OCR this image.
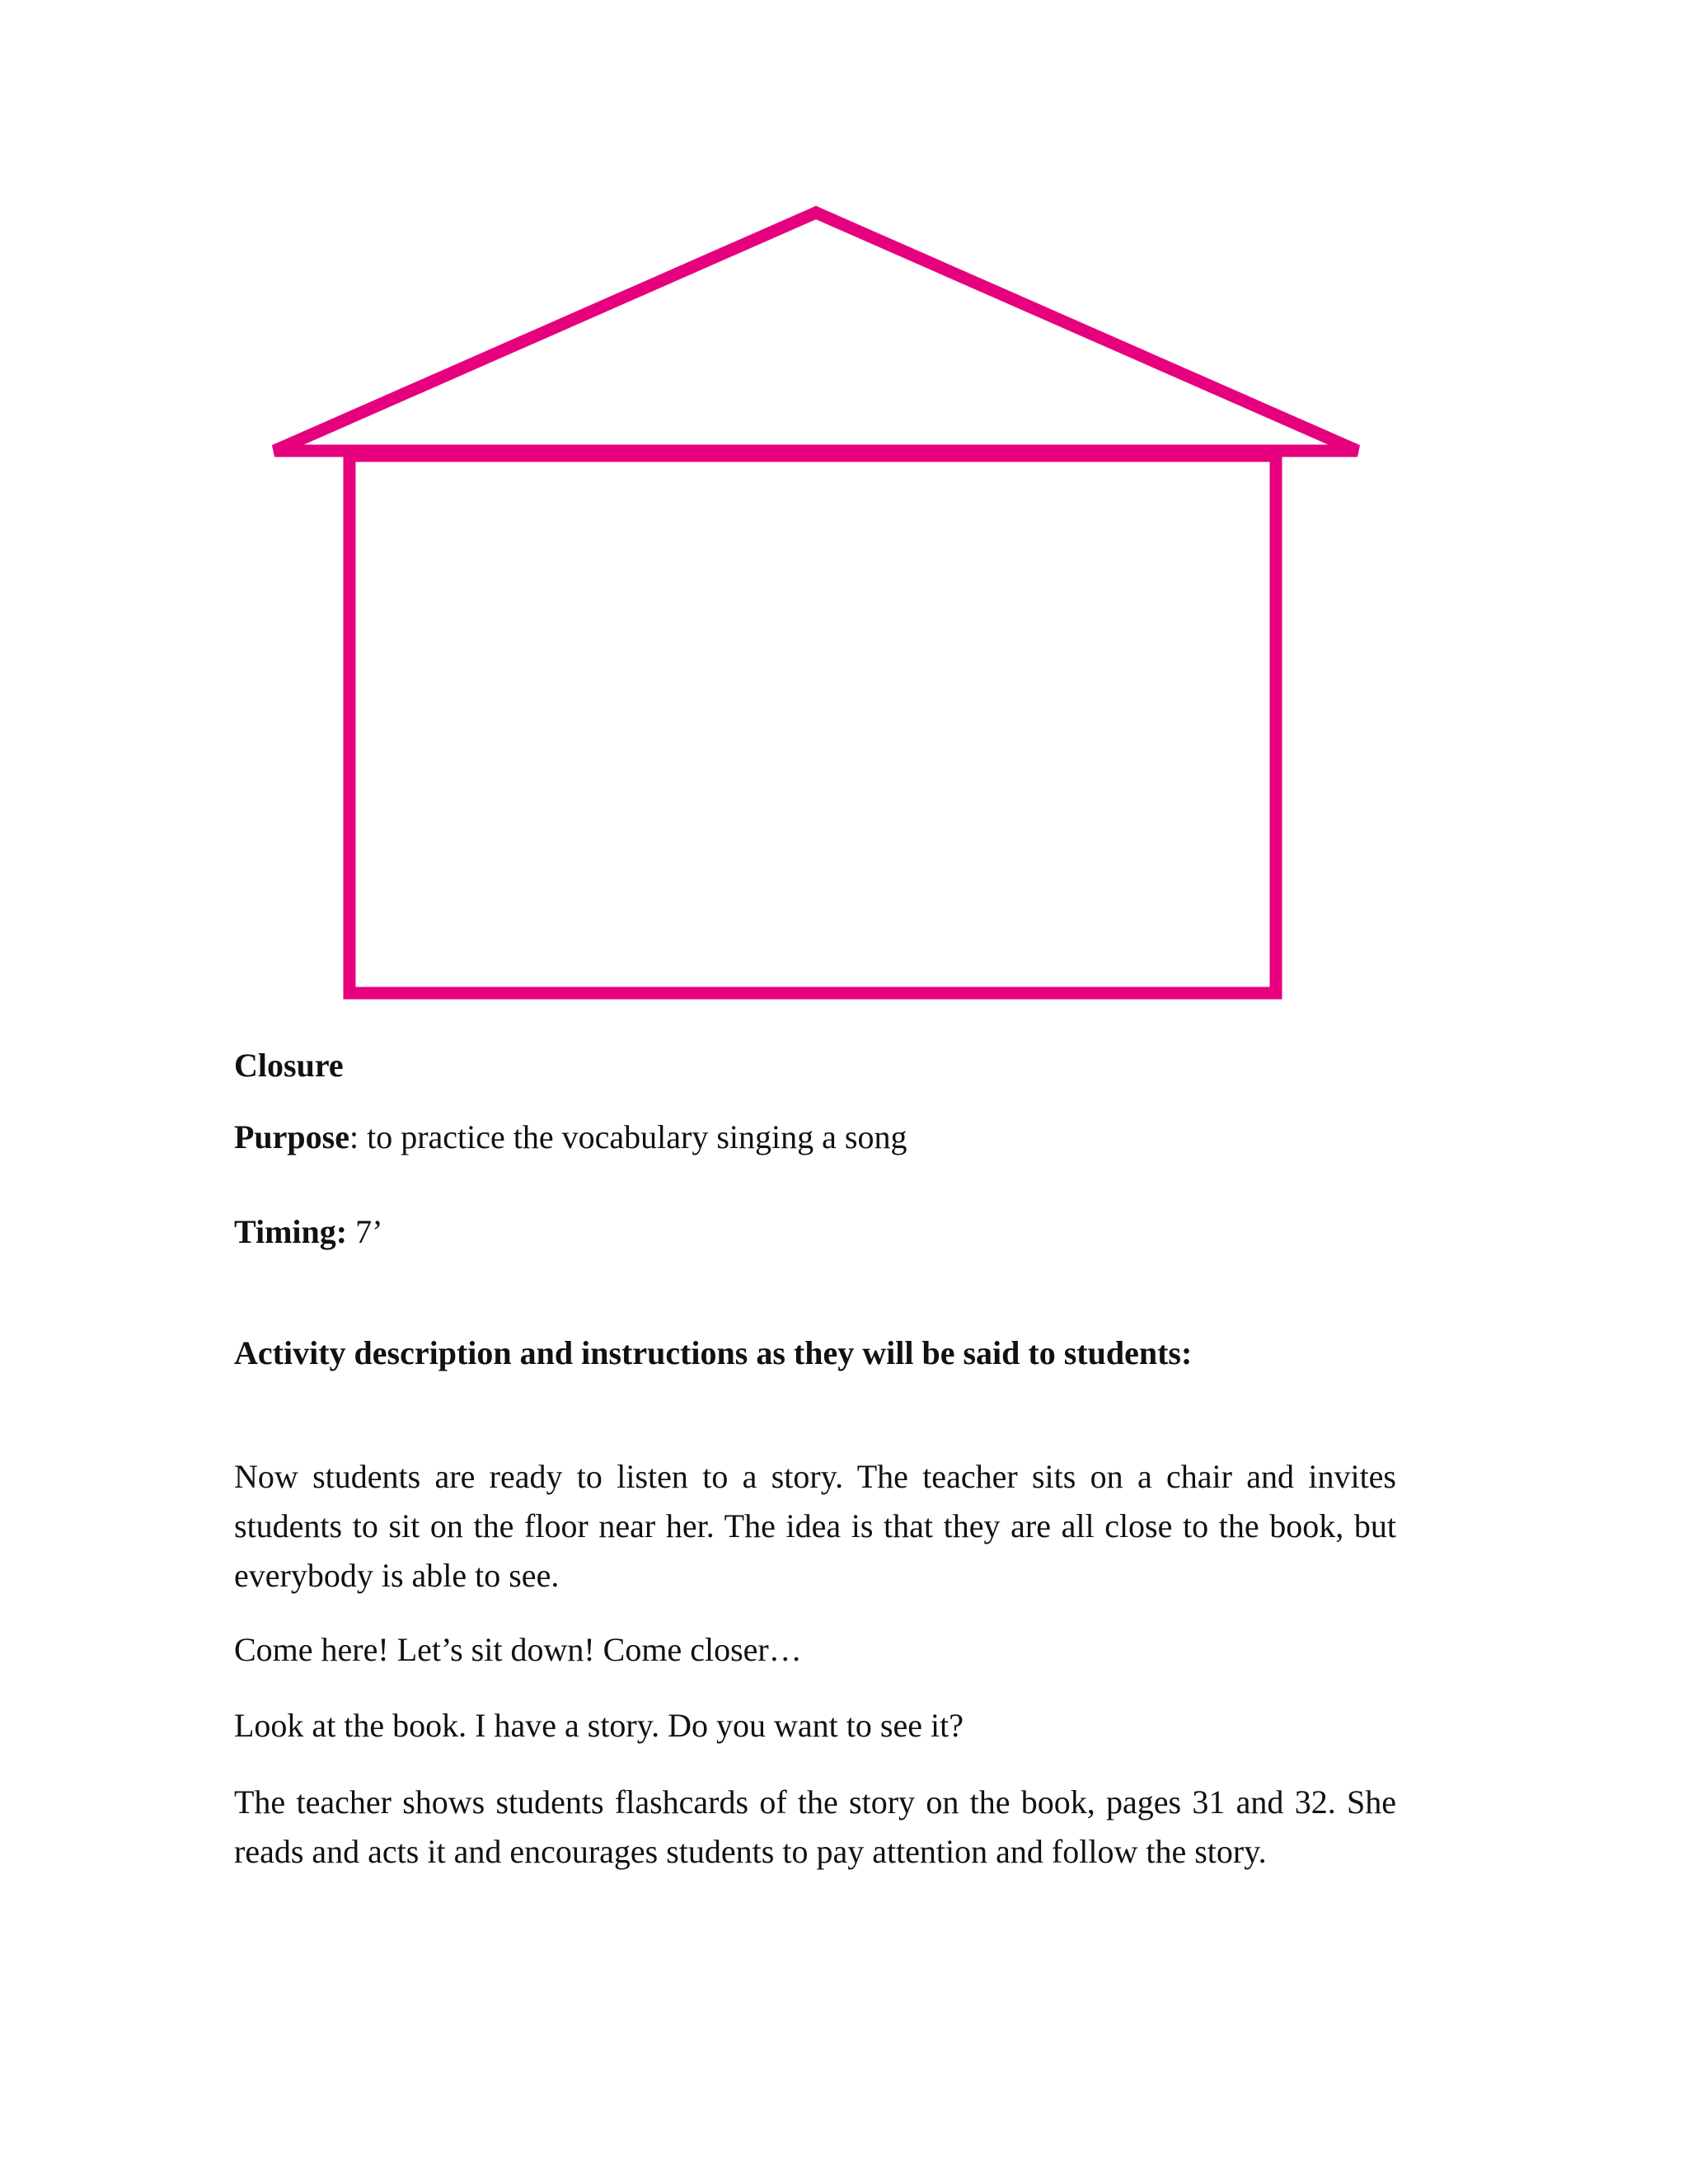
Closure

Purpose: to practice the vocabulary singing a song

Timing: 7’

Activity description and instructions as they will be said to students:

Now students are ready to listen to a story. The teacher sits on a chair and invites students to sit on the floor near her. The idea is that they are all close to the book, but everybody is able to see.

Come here! Let’s sit down! Come closer…

Look at the book. I have a story. Do you want to see it?

The teacher shows students flashcards of the story on the book, pages 31 and 32. She reads and acts it and encourages students to pay attention and follow the story.
